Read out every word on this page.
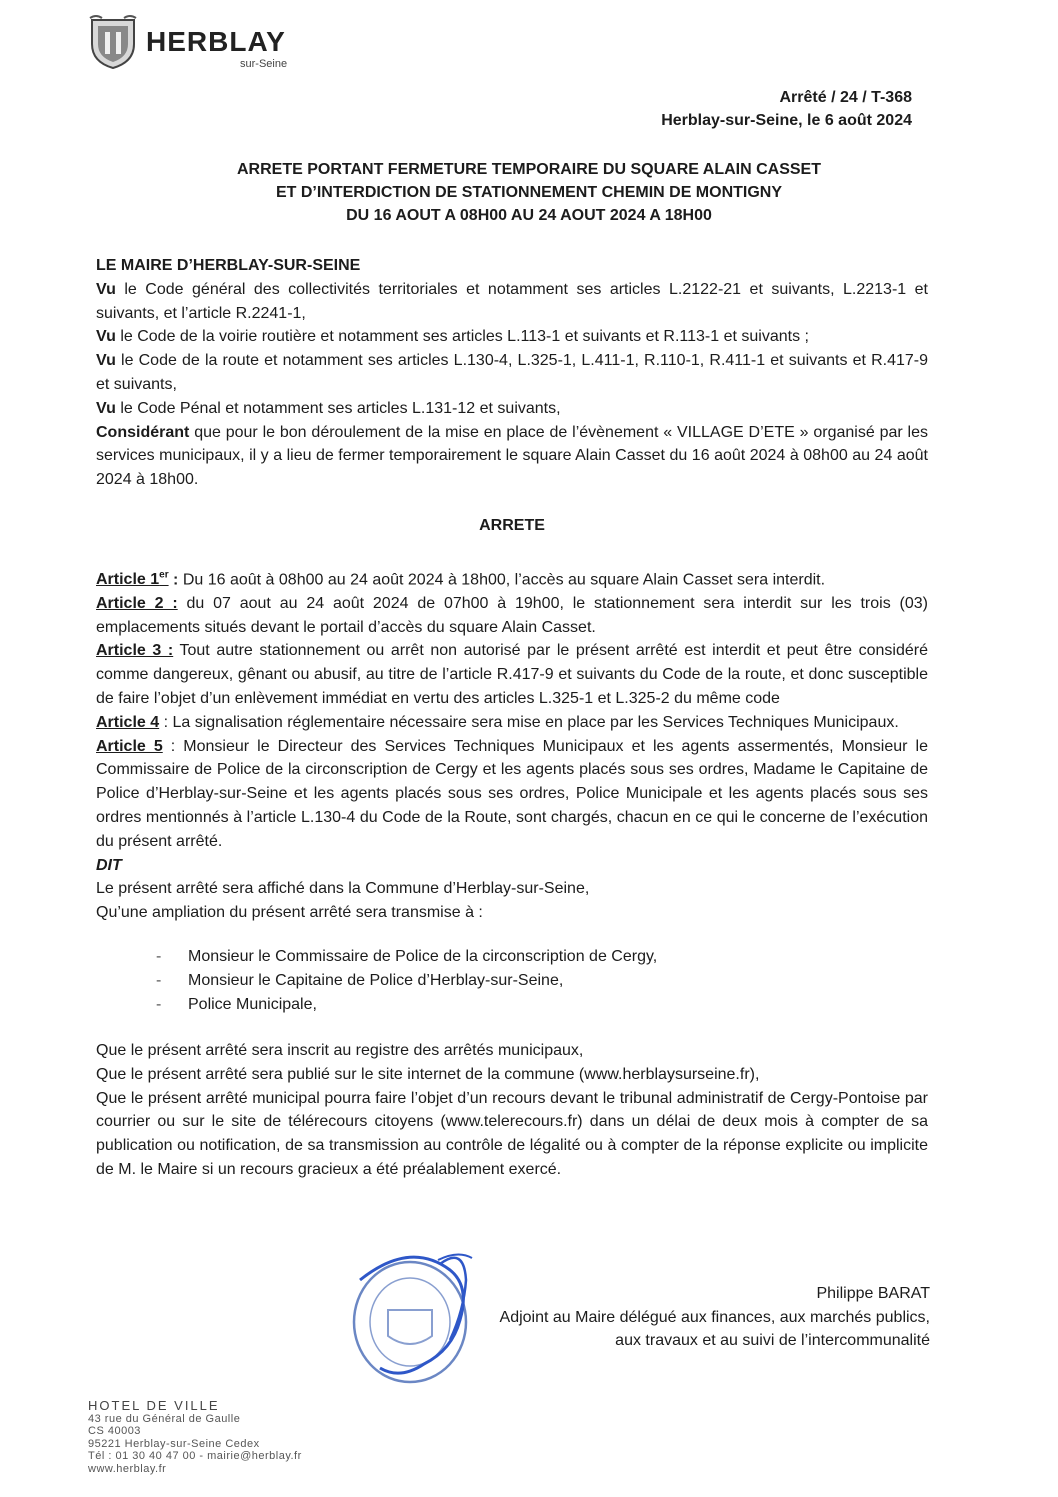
HERBLAY
sur-Seine
Arrêté / 24 / T-368
Herblay-sur-Seine, le 6 août 2024
ARRETE PORTANT FERMETURE TEMPORAIRE DU SQUARE ALAIN CASSET
ET D’INTERDICTION DE STATIONNEMENT CHEMIN DE MONTIGNY
DU 16 AOUT A 08H00 AU 24 AOUT 2024 A 18H00

LE MAIRE D’HERBLAY-SUR-SEINE

Vu le Code général des collectivités territoriales et notamment ses articles L.2122-21 et suivants, L.2213-1 et suivants, et l’article R.2241-1,

Vu le Code de la voirie routière et notamment ses articles L.113-1 et suivants et R.113-1 et suivants ;

Vu le Code de la route et notamment ses articles L.130-4, L.325-1, L.411-1, R.110-1, R.411-1 et suivants et R.417-9 et suivants,

Vu le Code Pénal et notamment ses articles L.131-12 et suivants,

Considérant que pour le bon déroulement de la mise en place de l’évènement « VILLAGE D’ETE » organisé par les services municipaux, il y a lieu de fermer temporairement le square Alain Casset du 16 août 2024 à 08h00 au 24 août 2024 à 18h00.

ARRETE

Article 1er : Du 16 août à 08h00 au 24 août 2024 à 18h00, l’accès au square Alain Casset sera interdit.

Article 2 : du 07 aout au 24 août 2024 de 07h00 à 19h00, le stationnement sera interdit sur les trois (03) emplacements situés devant le portail d’accès du square Alain Casset.

Article 3 : Tout autre stationnement ou arrêt non autorisé par le présent arrêté est interdit et peut être considéré comme dangereux, gênant ou abusif, au titre de l’article R.417-9 et suivants du Code de la route, et donc susceptible de faire l’objet d’un enlèvement immédiat en vertu des articles L.325-1 et L.325-2 du même code

Article 4 : La signalisation réglementaire nécessaire sera mise en place par les Services Techniques Municipaux.

Article 5 : Monsieur le Directeur des Services Techniques Municipaux et les agents assermentés, Monsieur le Commissaire de Police de la circonscription de Cergy et les agents placés sous ses ordres, Madame le Capitaine de Police d’Herblay-sur-Seine et les agents placés sous ses ordres, Police Municipale et les agents placés sous ses ordres mentionnés à l’article L.130-4 du Code de la Route, sont chargés, chacun en ce qui le concerne de l’exécution du présent arrêté.

DIT

Le présent arrêté sera affiché dans la Commune d’Herblay-sur-Seine,

Qu’une ampliation du présent arrêté sera transmise à :

- Monsieur le Commissaire de Police de la circonscription de Cergy,
- Monsieur le Capitaine de Police d’Herblay-sur-Seine,
- Police Municipale,

Que le présent arrêté sera inscrit au registre des arrêtés municipaux,

Que le présent arrêté sera publié sur le site internet de la commune (www.herblaysurseine.fr),

Que le présent arrêté municipal pourra faire l’objet d’un recours devant le tribunal administratif de Cergy-Pontoise par courrier ou sur le site de télérecours citoyens (www.telerecours.fr) dans un délai de deux mois à compter de sa publication ou notification, de sa transmission au contrôle de légalité ou à compter de la réponse explicite ou implicite de M. le Maire si un recours gracieux a été préalablement exercé.

Philippe BARAT
Adjoint au Maire délégué aux finances, aux marchés publics,
aux travaux et au suivi de l’intercommunalité
HOTEL DE VILLE
43 rue du Général de Gaulle
CS 40003
95221 Herblay-sur-Seine Cedex
Tél : 01 30 40 47 00 - mairie@herblay.fr
www.herblay.fr
